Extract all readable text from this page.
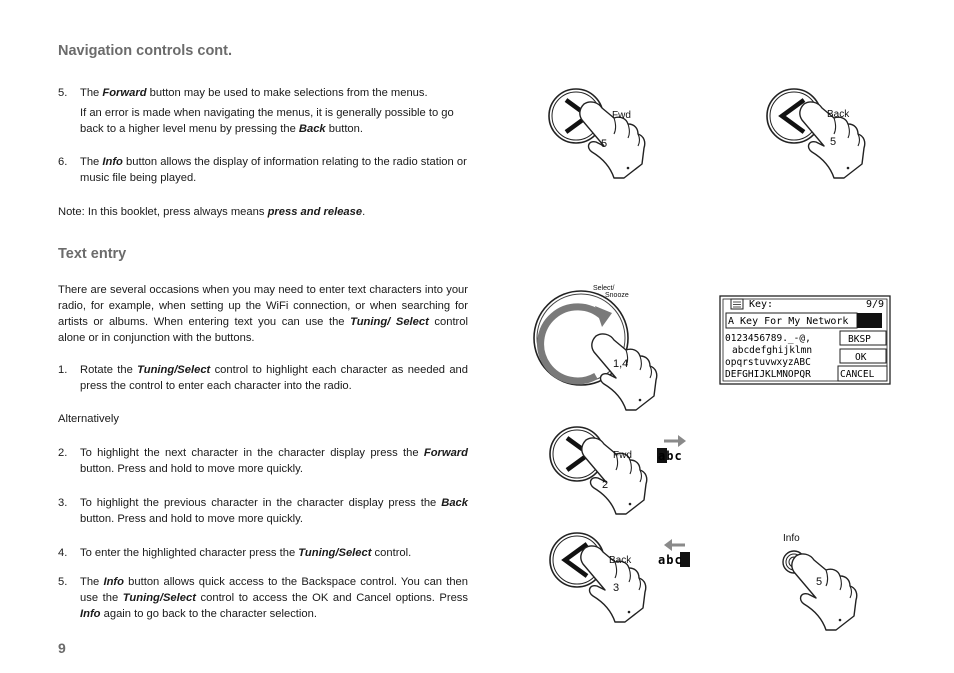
Navigation controls cont.
5. The Forward button may be used to make selections from the menus.
If an error is made when navigating the menus, it is generally possible to go back to a higher level menu by pressing the Back button.
6. The Info button allows the display of information relating to the radio station or music file being played.
Note: In this booklet, press always means press and release.
Text entry
There are several occasions when you may need to enter text characters into your radio, for example, when setting up the WiFi connection, or when searching for artists or albums. When entering text you can use the Tuning/ Select control alone or in conjunction with the buttons.
1. Rotate the Tuning/Select control to highlight each character as needed and press the control to enter each character into the radio.
Alternatively
2. To highlight the next character in the character display press the Forward button. Press and hold to move more quickly.
3. To highlight the previous character in the character display press the Back button. Press and hold to move more quickly.
4. To enter the highlighted character press the Tuning/Select control.
5. The Info button allows quick access to the Backspace control. You can then use the Tuning/Select control to access the OK and Cancel options. Press Info again to go back to the character selection.
9
Fwd
5
Back
5
Select/
Snooze
1,4
Key:	9/9
A Key For My Network
0123456789._-@,
abcdefghijklmn
opqrstuvwxyzABC
DEFGHIJKLMNOPQR
BKSP
OK
CANCEL
Fwd
2
abc
Back
3
abc
Info
5
